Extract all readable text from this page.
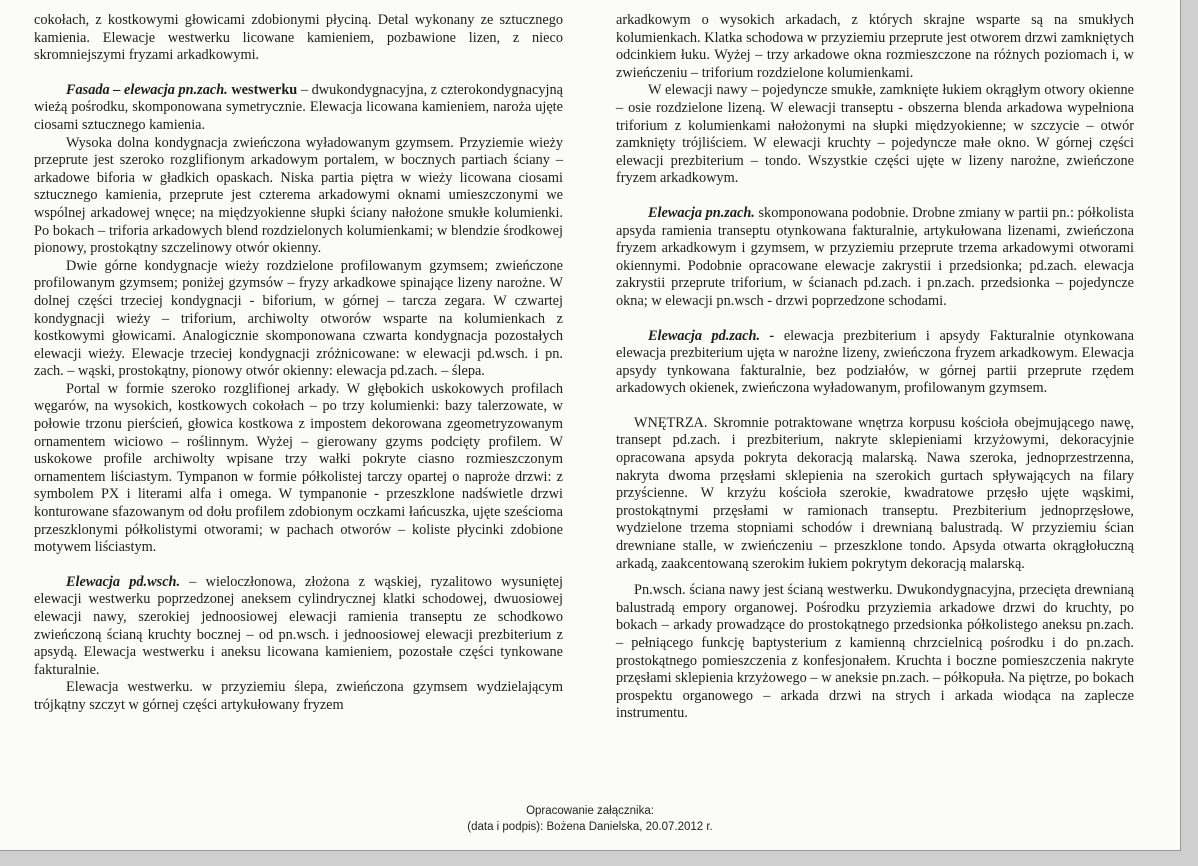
cokołach, z kostkowymi głowicami zdobionymi płyciną. Detal wykonany ze sztucznego kamienia. Elewacje westwerku licowane kamieniem, pozbawione lizen, z nieco skromniejszymi fryzami arkadkowymi.

Fasada – elewacja pn.zach. westwerku – dwukondygnacyjna, z czterokondygnacyjną wieżą pośrodku, skomponowana symetrycznie. Elewacja licowana kamieniem, naroża ujęte ciosami sztucznego kamienia.

Wysoka dolna kondygnacja zwieńczona wyładowanym gzymsem. Przyziemie wieży przeprute jest szeroko rozglifionym arkadowym portalem, w bocznych partiach ściany – arkadowe biforia w gładkich opaskach. Niska partia piętra w wieży licowana ciosami sztucznego kamienia, przeprute jest czterema arkadowymi oknami umieszczonymi we wspólnej arkadowej wnęce; na międzyokienne słupki ściany nałożone smukłe kolumienki. Po bokach – triforia arkadowych blend rozdzielonych kolumienkami; w blendzie środkowej pionowy, prostokątny szczelinowy otwór okienny.

Dwie górne kondygnacje wieży rozdzielone profilowanym gzymsem; zwieńczone profilowanym gzymsem; poniżej gzymsów – fryzy arkadkowe spinające lizeny narożne. W dolnej części trzeciej kondygnacji - biforium, w górnej – tarcza zegara. W czwartej kondygnacji wieży – triforium, archiwolty otworów wsparte na kolumienkach z kostkowymi głowicami. Analogicznie skomponowana czwarta kondygnacja pozostałych elewacji wieży. Elewacje trzeciej kondygnacji zróżnicowane: w elewacji pd.wsch. i pn. zach. – wąski, prostokątny, pionowy otwór okienny: elewacja pd.zach. – ślepa.

Portal w formie szeroko rozglifionej arkady. W głębokich uskokowych profilach węgarów, na wysokich, kostkowych cokołach – po trzy kolumienki: bazy talerzowate, w połowie trzonu pierścień, głowica kostkowa z impostem dekorowana zgeometryzowanym ornamentem wiciowo – roślinnym. Wyżej – gierowany gzyms podcięty profilem. W uskokowe profile archiwolty wpisane trzy wałki pokryte ciasno rozmieszczonym ornamentem liściastym. Tympanon w formie półkolistej tarczy opartej o naproże drzwi: z symbolem PX i literami alfa i omega. W tympanonie - przeszklone nadświetle drzwi konturowane sfazowanym od dołu profilem zdobionym oczkami łańcuszka, ujęte sześciomа przeszklonymi półkolistymi otworami; w pachach otworów – koliste płycinki zdobione motywem liściastym.

Elewacja pd.wsch. – wieloczłonowa, złożona z wąskiej, ryzalitowo wysuniętej elewacji westwerku poprzedzonej aneksem cylindrycznej klatki schodowej, dwuosiowej elewacji nawy, szerokiej jednoosiowej elewacji ramienia transeptu ze schodkowo zwieńczoną ścianą kruchty bocznej – od pn.wsch. i jednoosiowej elewacji prezbiterium z apsydą. Elewacja westwerku i aneksu licowana kamieniem, pozostałe części tynkowane fakturalnie.

Elewacja westwerku. w przyziemiu ślepa, zwieńczona gzymsem wydzielającym trójkątny szczyt w górnej części artykułowany fryzem

arkadkowym o wysokich arkadach, z których skrajne wsparte są na smukłych kolumienkach. Klatka schodowa w przyziemiu przeprute jest otworem drzwi zamkniętych odcinkiem łuku. Wyżej – trzy arkadowe okna rozmieszczone na różnych poziomach i, w zwieńczeniu – triforium rozdzielone kolumienkami.

W elewacji nawy – pojedyncze smukłe, zamknięte łukiem okrągłym otwory okienne – osie rozdzielone lizeną. W elewacji transeptu - obszerna blenda arkadowa wypełniona triforium z kolumienkami nałożonymi na słupki międzyokienne; w szczycie – otwór zamknięty trójliściem. W elewacji kruchty – pojedyncze małe okno. W górnej części elewacji prezbiterium – tondo. Wszystkie części ujęte w lizeny narożne, zwieńczone fryzem arkadkowym.

Elewacja pn.zach. skomponowana podobnie. Drobne zmiany w partii pn.: półkolista apsyda ramienia transeptu otynkowana fakturalnie, artykułowana lizenami, zwieńczona fryzem arkadkowym i gzymsem, w przyziemiu przeprute trzema arkadowymi otworami okiennymi. Podobnie opracowane elewacje zakrystii i przedsionka; pd.zach. elewacja zakrystii przeprute triforium, w ścianach pd.zach. i pn.zach. przedsionka – pojedyncze okna; w elewacji pn.wsch - drzwi poprzedzone schodami.

Elewacja pd.zach. - elewacja prezbiterium i apsydy Fakturalnie otynkowana elewacja prezbiterium ujęta w narożne lizeny, zwieńczona fryzem arkadkowym. Elewacja apsydy tynkowana fakturalnie, bez podziałów, w górnej partii przeprute rzędem arkadowych okienek, zwieńczona wyładowanym, profilowanym gzymsem.

WNĘTRZA. Skromnie potraktowane wnętrza korpusu kościoła obejmującego nawę, transept pd.zach. i prezbiterium, nakryte sklepieniami krzyżowymi, dekoracyjnie opracowana apsyda pokryta dekoracją malarską. Nawa szeroka, jednoprzestrzenna, nakryta dwoma przęsłami sklepienia na szerokich gurtach spływających na filary przyścienne. W krzyżu kościoła szerokie, kwadratowe przęsło ujęte wąskimi, prostokątnymi przęsłami w ramionach transeptu. Prezbiterium jednoprzęsłowe, wydzielone trzema stopniami schodów i drewnianą balustradą. W przyziemiu ścian drewniane stalle, w zwieńczeniu – przeszklone tondo. Apsyda otwarta okrągłołuczną arkadą, zaakcentowaną szerokim łukiem pokrytym dekoracją malarską.

Pn.wsch. ściana nawy jest ścianą westwerku. Dwukondygnacyjna, przecięta drewnianą balustradą empory organowej. Pośrodku przyziemia arkadowe drzwi do kruchty, po bokach – arkady prowadzące do prostokątnego przedsionka półkolistego aneksu pn.zach. – pełniącego funkcję baptysterium z kamienną chrzcielnicą pośrodku i do pn.zach. prostokątnego pomieszczenia z konfesjonałem. Kruchta i boczne pomieszczenia nakryte przęsłami sklepienia krzyżowego – w aneksie pn.zach. – półkopuła. Na piętrze, po bokach prospektu organowego – arkada drzwi na strych i arkada wiodąca na zaplecze instrumentu.

Opracowanie załącznika:
(data i podpis): Bożena Danielska, 20.07.2012 r.
